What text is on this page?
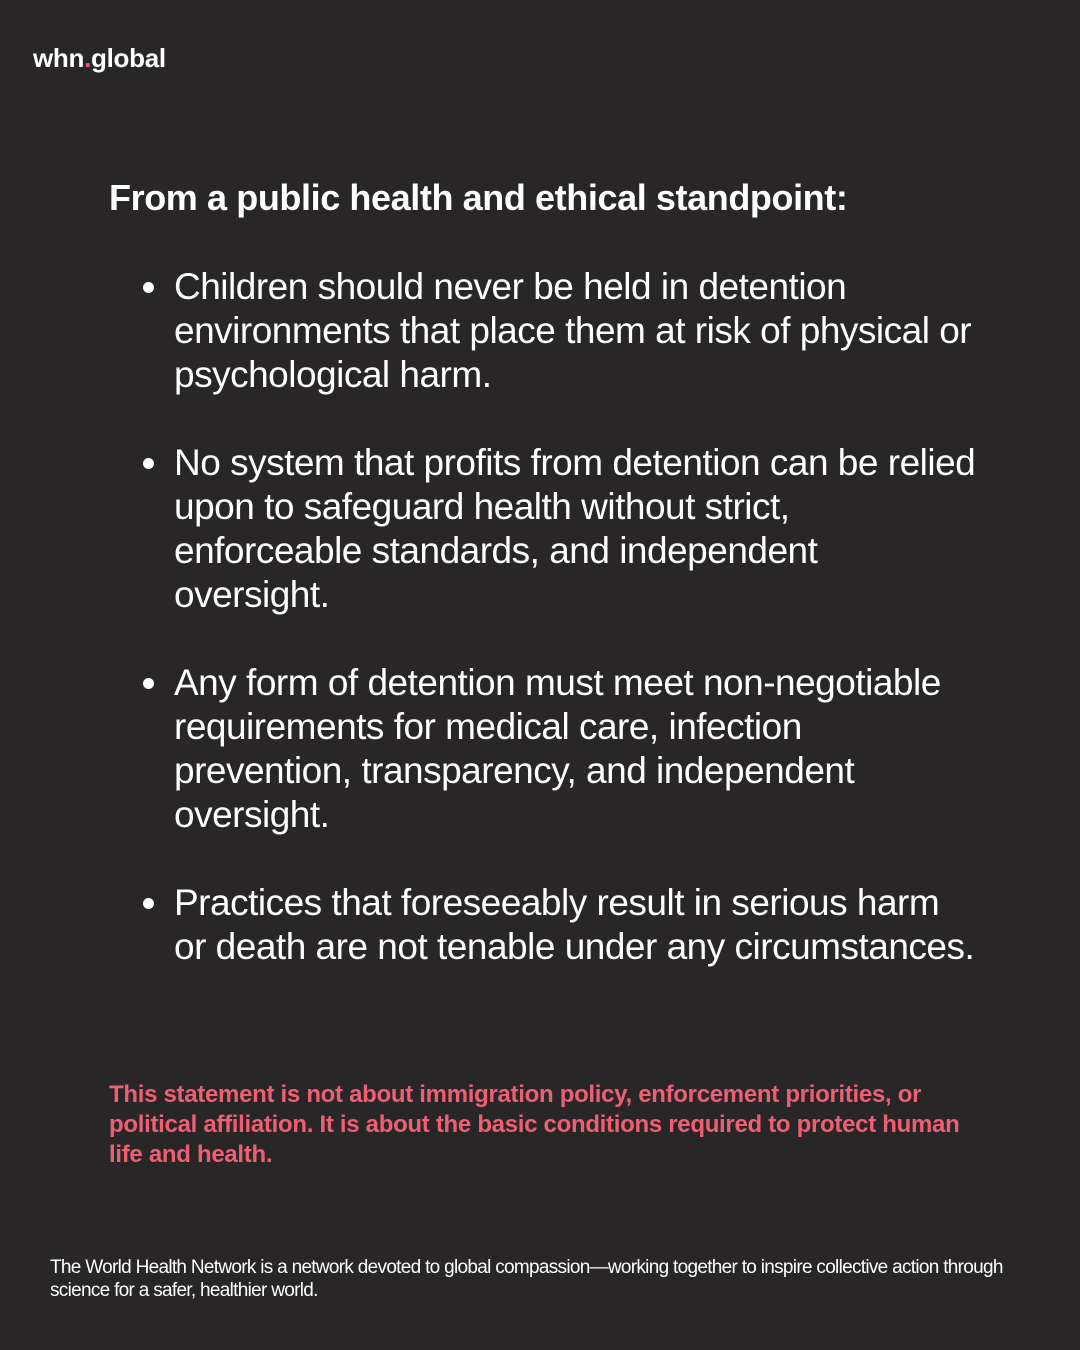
whn.global
From a public health and ethical standpoint:
Children should never be held in detention environments that place them at risk of physical or psychological harm.
No system that profits from detention can be relied upon to safeguard health without strict, enforceable standards, and independent oversight.
Any form of detention must meet non-negotiable requirements for medical care, infection prevention, transparency, and independent oversight.
Practices that foreseeably result in serious harm or death are not tenable under any circumstances.

This statement is not about immigration policy, enforcement priorities, or political affiliation. It is about the basic conditions required to protect human life and health.

The World Health Network is a network devoted to global compassion—working together to inspire collective action through science for a safer, healthier world.
